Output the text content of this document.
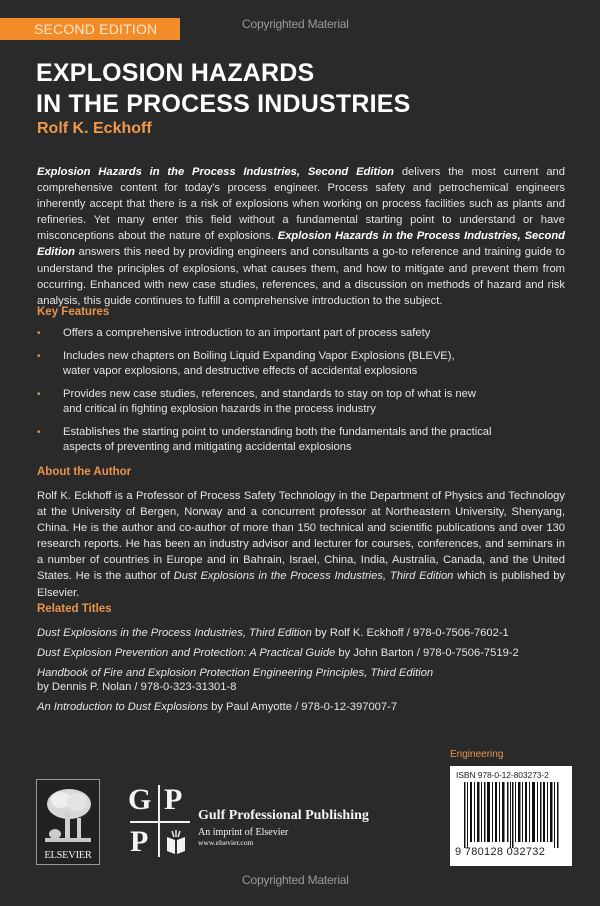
SECOND EDITION	Copyrighted Material
EXPLOSION HAZARDS
IN THE PROCESS INDUSTRIES
Rolf K. Eckhoff

Explosion Hazards in the Process Industries, Second Edition delivers the most current and comprehensive content for today's process engineer. Process safety and petrochemical engineers inherently accept that there is a risk of explosions when working on process facilities such as plants and refineries. Yet many enter this field without a fundamental starting point to understand or have misconceptions about the nature of explosions. Explosion Hazards in the Process Industries, Second Edition answers this need by providing engineers and consultants a go-to reference and training guide to understand the principles of explosions, what causes them, and how to mitigate and prevent them from occurring. Enhanced with new case studies, references, and a discussion on methods of hazard and risk analysis, this guide continues to fulfill a comprehensive introduction to the subject.

Key Features
• Offers a comprehensive introduction to an important part of process safety
• Includes new chapters on Boiling Liquid Expanding Vapor Explosions (BLEVE), water vapor explosions, and destructive effects of accidental explosions
• Provides new case studies, references, and standards to stay on top of what is new and critical in fighting explosion hazards in the process industry
• Establishes the starting point to understanding both the fundamentals and the practical aspects of preventing and mitigating accidental explosions
About the Author
Rolf K. Eckhoff is a Professor of Process Safety Technology in the Department of Physics and Technology at the University of Bergen, Norway and a concurrent professor at Northeastern University, Shenyang, China. He is the author and co-author of more than 150 technical and scientific publications and over 130 research reports. He has been an industry advisor and lecturer for courses, conferences, and seminars in a number of countries in Europe and in Bahrain, Israel, China, India, Australia, Canada, and the United States. He is the author of Dust Explosions in the Process Industries, Third Edition which is published by Elsevier.
Related Titles
Dust Explosions in the Process Industries, Third Edition by Rolf K. Eckhoff / 978-0-7506-7602-1
Dust Explosion Prevention and Protection: A Practical Guide by John Barton / 978-0-7506-7519-2
Handbook of Fire and Explosion Protection Engineering Principles, Third Edition
by Dennis P. Nolan / 978-0-323-31301-8
An Introduction to Dust Explosions by Paul Amyotte / 978-0-12-397007-7
ELSEVIER
G P
P
Gulf Professional Publishing
An imprint of Elsevier
www.elsevier.com
Engineering
ISBN 978-0-12-803273-2
9 780128 032732
Copyrighted Material
